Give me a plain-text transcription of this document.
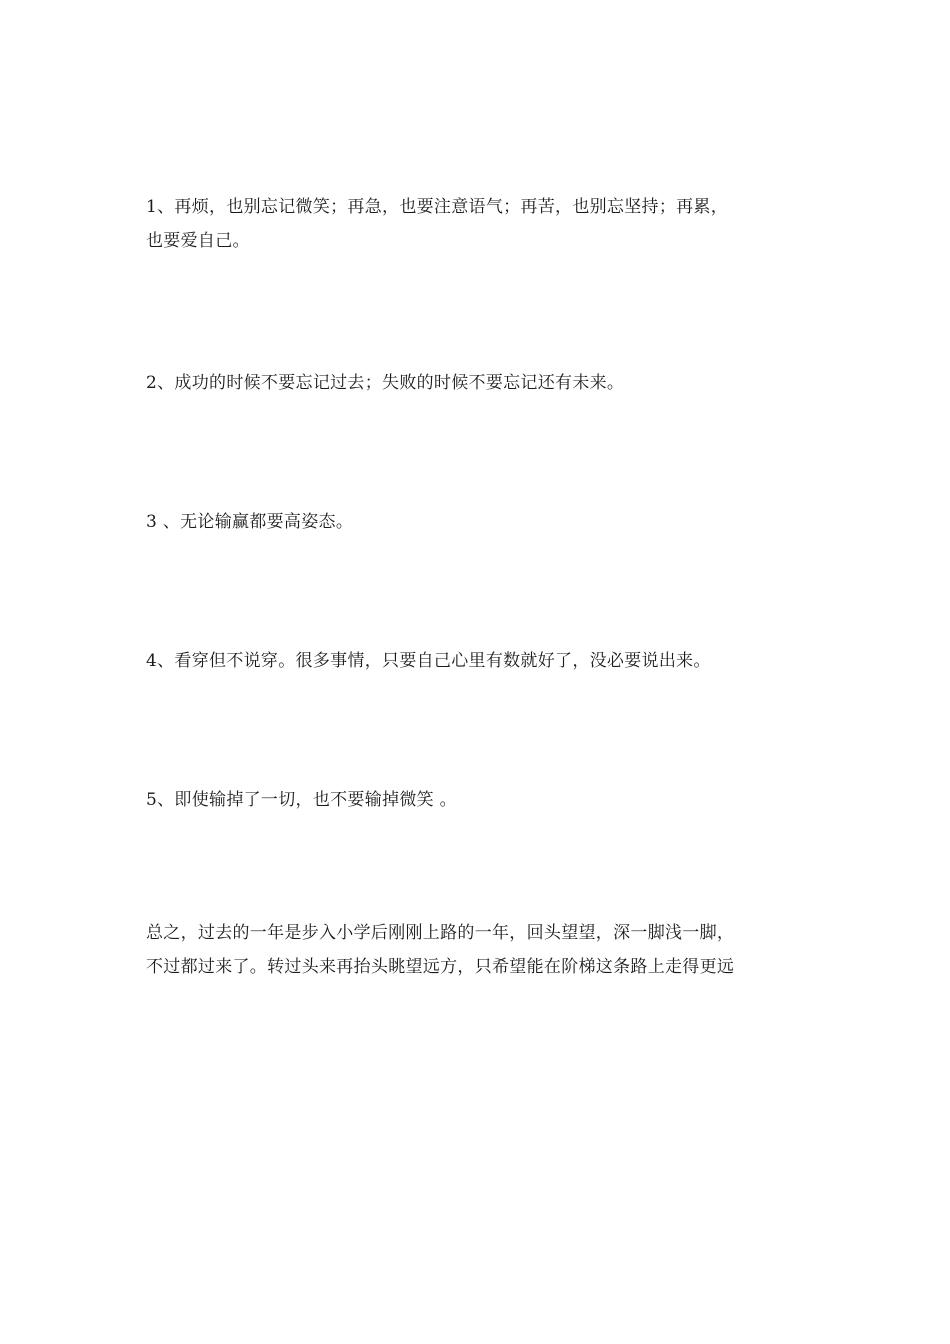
1、再烦，也别忘记微笑；再急，也要注意语气；再苦，也别忘坚持；再累，
也要爱自己。

2、成功的时候不要忘记过去；失败的时候不要忘记还有未来。

3 、无论输赢都要高姿态。

4、看穿但不说穿。很多事情，只要自己心里有数就好了，没必要说出来。

5、即使输掉了一切，也不要输掉微笑 。

总之，过去的一年是步入小学后刚刚上路的一年，回头望望，深一脚浅一脚，
不过都过来了。转过头来再抬头眺望远方，只希望能在阶梯这条路上走得更远
